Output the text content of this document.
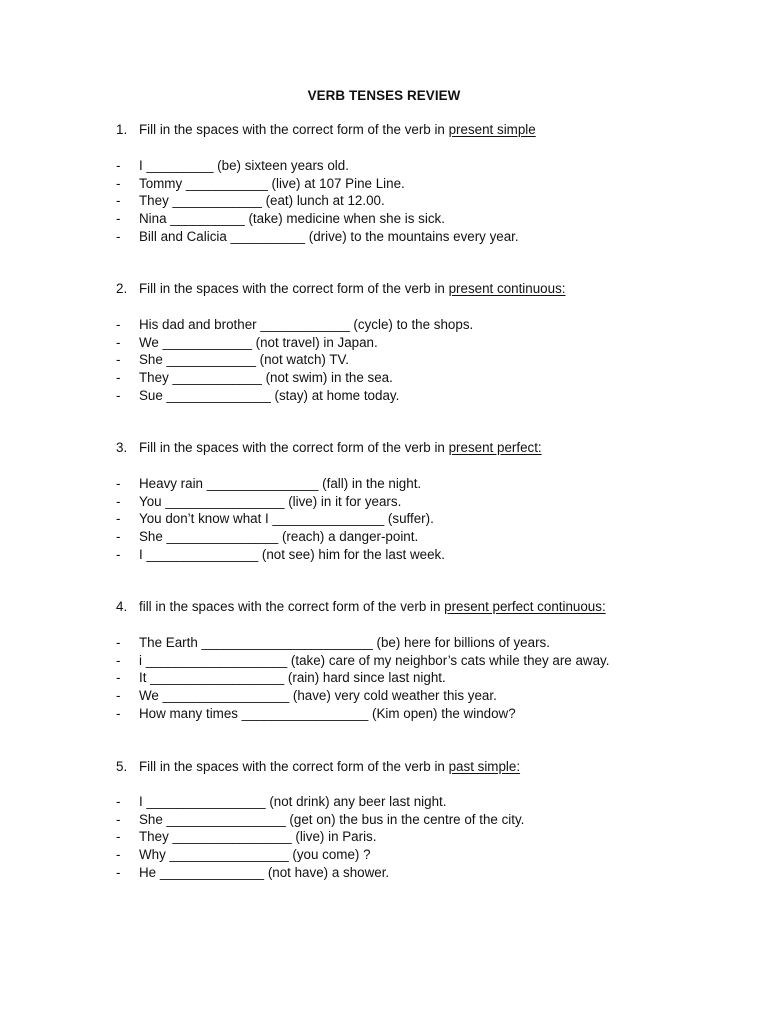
VERB TENSES REVIEW
1. Fill in the spaces with the correct form of the verb in present simple
- I _________ (be) sixteen years old.
- Tommy ___________ (live) at 107 Pine Line.
- They ____________ (eat) lunch at 12.00.
- Nina __________ (take) medicine when she is sick.
- Bill and Calicia __________ (drive) to the mountains every year.
2. Fill in the spaces with the correct form of the verb in present continuous:
- His dad and brother ____________ (cycle) to the shops.
- We ____________ (not travel) in Japan.
- She ____________ (not watch) TV.
- They ____________ (not swim) in the sea.
- Sue ______________ (stay) at home today.
3. Fill in the spaces with the correct form of the verb in present perfect:
- Heavy rain _______________ (fall) in the night.
- You ________________ (live) in it for years.
- You don’t know what I _______________ (suffer).
- She _______________ (reach) a danger-point.
- I _______________ (not see) him for the last week.
4. fill in the spaces with the correct form of the verb in present perfect continuous:
- The Earth _______________________ (be) here for billions of years.
- i ___________________ (take) care of my neighbor’s cats while they are away.
- It __________________ (rain) hard since last night.
- We _________________ (have) very cold weather this year.
- How many times _________________ (Kim open) the window?
5. Fill in the spaces with the correct form of the verb in past simple:
- I ________________ (not drink) any beer last night.
- She ________________ (get on) the bus in the centre of the city.
- They ________________ (live) in Paris.
- Why ________________ (you come) ?
- He ______________ (not have) a shower.
